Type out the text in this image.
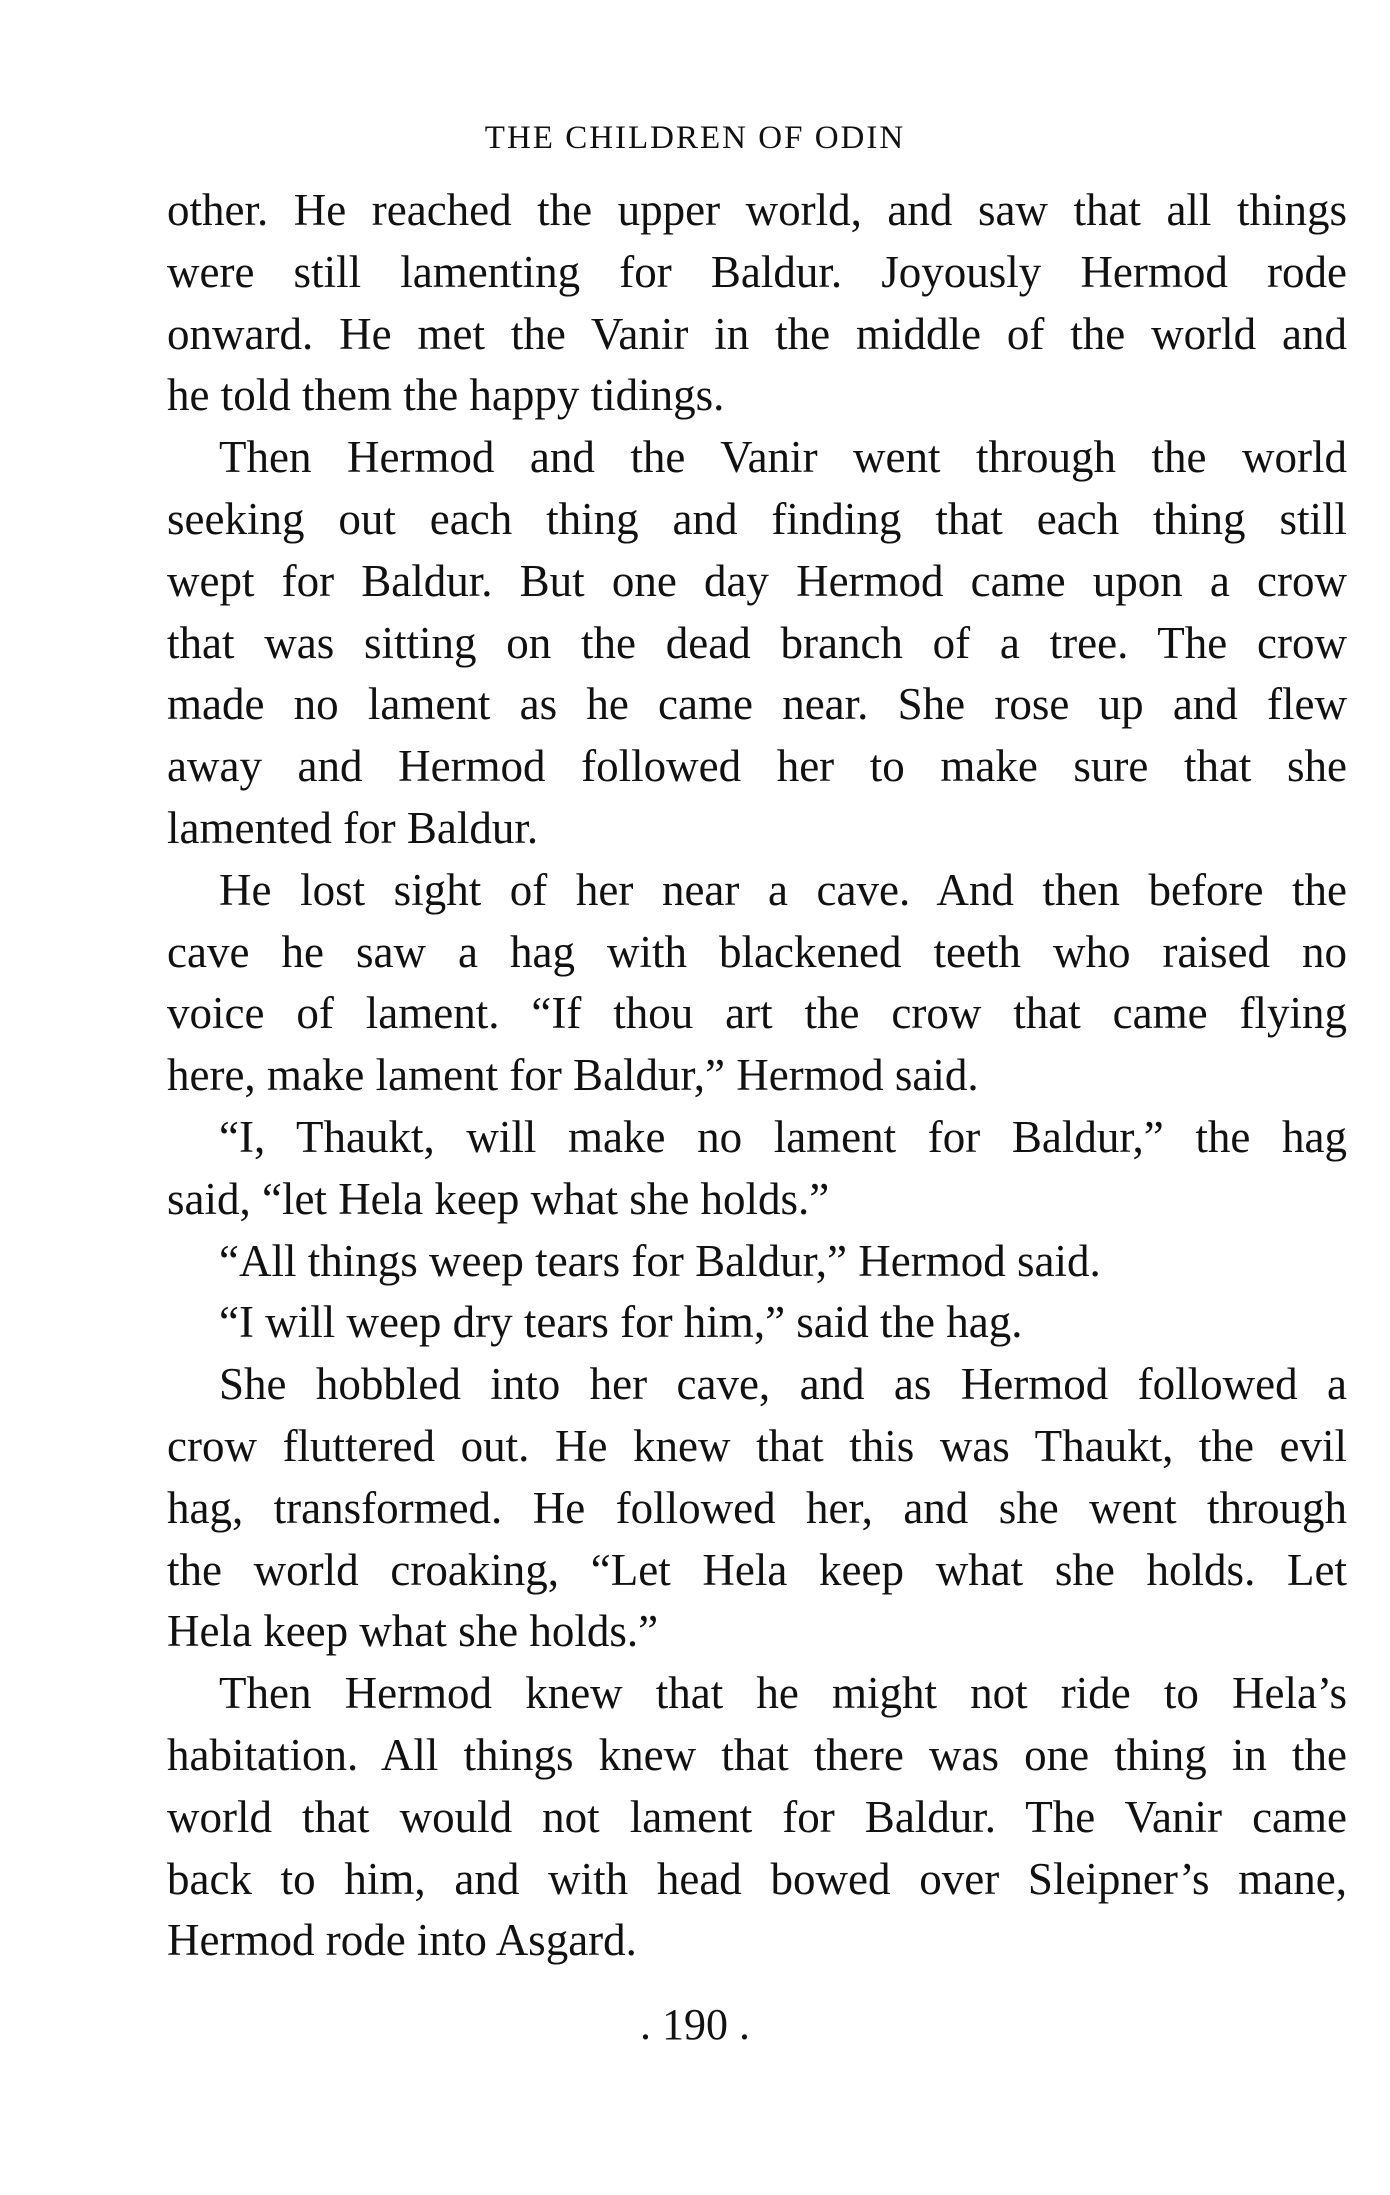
THE CHILDREN OF ODIN
other. He reached the upper world, and saw that all things
were still lamenting for Baldur. Joyously Hermod rode
onward. He met the Vanir in the middle of the world and
he told them the happy tidings.
Then Hermod and the Vanir went through the world
seeking out each thing and finding that each thing still
wept for Baldur. But one day Hermod came upon a crow
that was sitting on the dead branch of a tree. The crow
made no lament as he came near. She rose up and flew
away and Hermod followed her to make sure that she
lamented for Baldur.
He lost sight of her near a cave. And then before the
cave he saw a hag with blackened teeth who raised no
voice of lament. “If thou art the crow that came flying
here, make lament for Baldur,” Hermod said.
“I, Thaukt, will make no lament for Baldur,” the hag
said, “let Hela keep what she holds.”
“All things weep tears for Baldur,” Hermod said.
“I will weep dry tears for him,” said the hag.
She hobbled into her cave, and as Hermod followed a
crow fluttered out. He knew that this was Thaukt, the evil
hag, transformed. He followed her, and she went through
the world croaking, “Let Hela keep what she holds. Let
Hela keep what she holds.”
Then Hermod knew that he might not ride to Hela’s
habitation. All things knew that there was one thing in the
world that would not lament for Baldur. The Vanir came
back to him, and with head bowed over Sleipner’s mane,
Hermod rode into Asgard.
. 190 .
